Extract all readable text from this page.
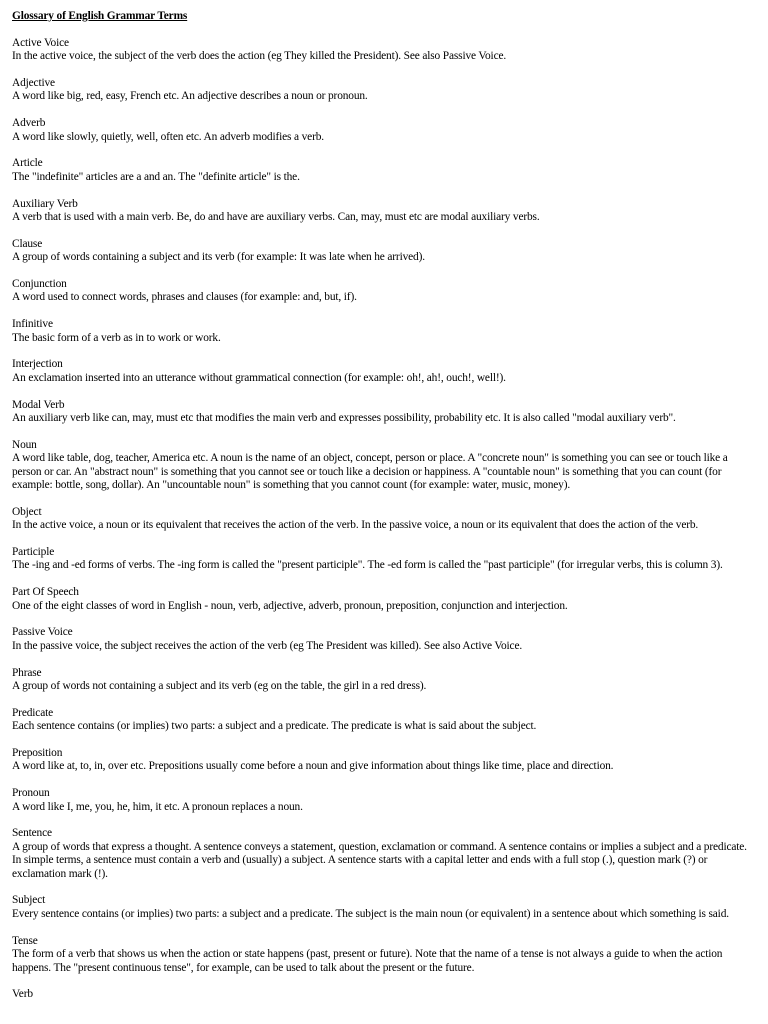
Glossary of English Grammar Terms
Active Voice
In the active voice, the subject of the verb does the action (eg They killed the President). See also Passive Voice.
Adjective
A word like big, red, easy, French etc. An adjective describes a noun or pronoun.
Adverb
A word like slowly, quietly, well, often etc. An adverb modifies a verb.
Article
The "indefinite" articles are a and an. The "definite article" is the.
Auxiliary Verb
A verb that is used with a main verb. Be, do and have are auxiliary verbs. Can, may, must etc are modal auxiliary verbs.
Clause
A group of words containing a subject and its verb (for example: It was late when he arrived).
Conjunction
A word used to connect words, phrases and clauses (for example: and, but, if).
Infinitive
The basic form of a verb as in to work or work.
Interjection
An exclamation inserted into an utterance without grammatical connection (for example: oh!, ah!, ouch!, well!).
Modal Verb
An auxiliary verb like can, may, must etc that modifies the main verb and expresses possibility, probability etc. It is also called "modal auxiliary verb".
Noun
A word like table, dog, teacher, America etc. A noun is the name of an object, concept, person or place. A "concrete noun" is something you can see or touch like a person or car. An "abstract noun" is something that you cannot see or touch like a decision or happiness. A "countable noun" is something that you can count (for example: bottle, song, dollar). An "uncountable noun" is something that you cannot count (for example: water, music, money).
Object
In the active voice, a noun or its equivalent that receives the action of the verb. In the passive voice, a noun or its equivalent that does the action of the verb.
Participle
The -ing and -ed forms of verbs. The -ing form is called the "present participle". The -ed form is called the "past participle" (for irregular verbs, this is column 3).
Part Of Speech
One of the eight classes of word in English - noun, verb, adjective, adverb, pronoun, preposition, conjunction and interjection.
Passive Voice
In the passive voice, the subject receives the action of the verb (eg The President was killed). See also Active Voice.
Phrase
A group of words not containing a subject and its verb (eg on the table, the girl in a red dress).
Predicate
Each sentence contains (or implies) two parts: a subject and a predicate. The predicate is what is said about the subject.
Preposition
A word like at, to, in, over etc. Prepositions usually come before a noun and give information about things like time, place and direction.
Pronoun
A word like I, me, you, he, him, it etc. A pronoun replaces a noun.
Sentence
A group of words that express a thought. A sentence conveys a statement, question, exclamation or command. A sentence contains or implies a subject and a predicate. In simple terms, a sentence must contain a verb and (usually) a subject. A sentence starts with a capital letter and ends with a full stop (.), question mark (?) or exclamation mark (!).
Subject
Every sentence contains (or implies) two parts: a subject and a predicate. The subject is the main noun (or equivalent) in a sentence about which something is said.
Tense
The form of a verb that shows us when the action or state happens (past, present or future). Note that the name of a tense is not always a guide to when the action happens. The "present continuous tense", for example, can be used to talk about the present or the future.
Verb
